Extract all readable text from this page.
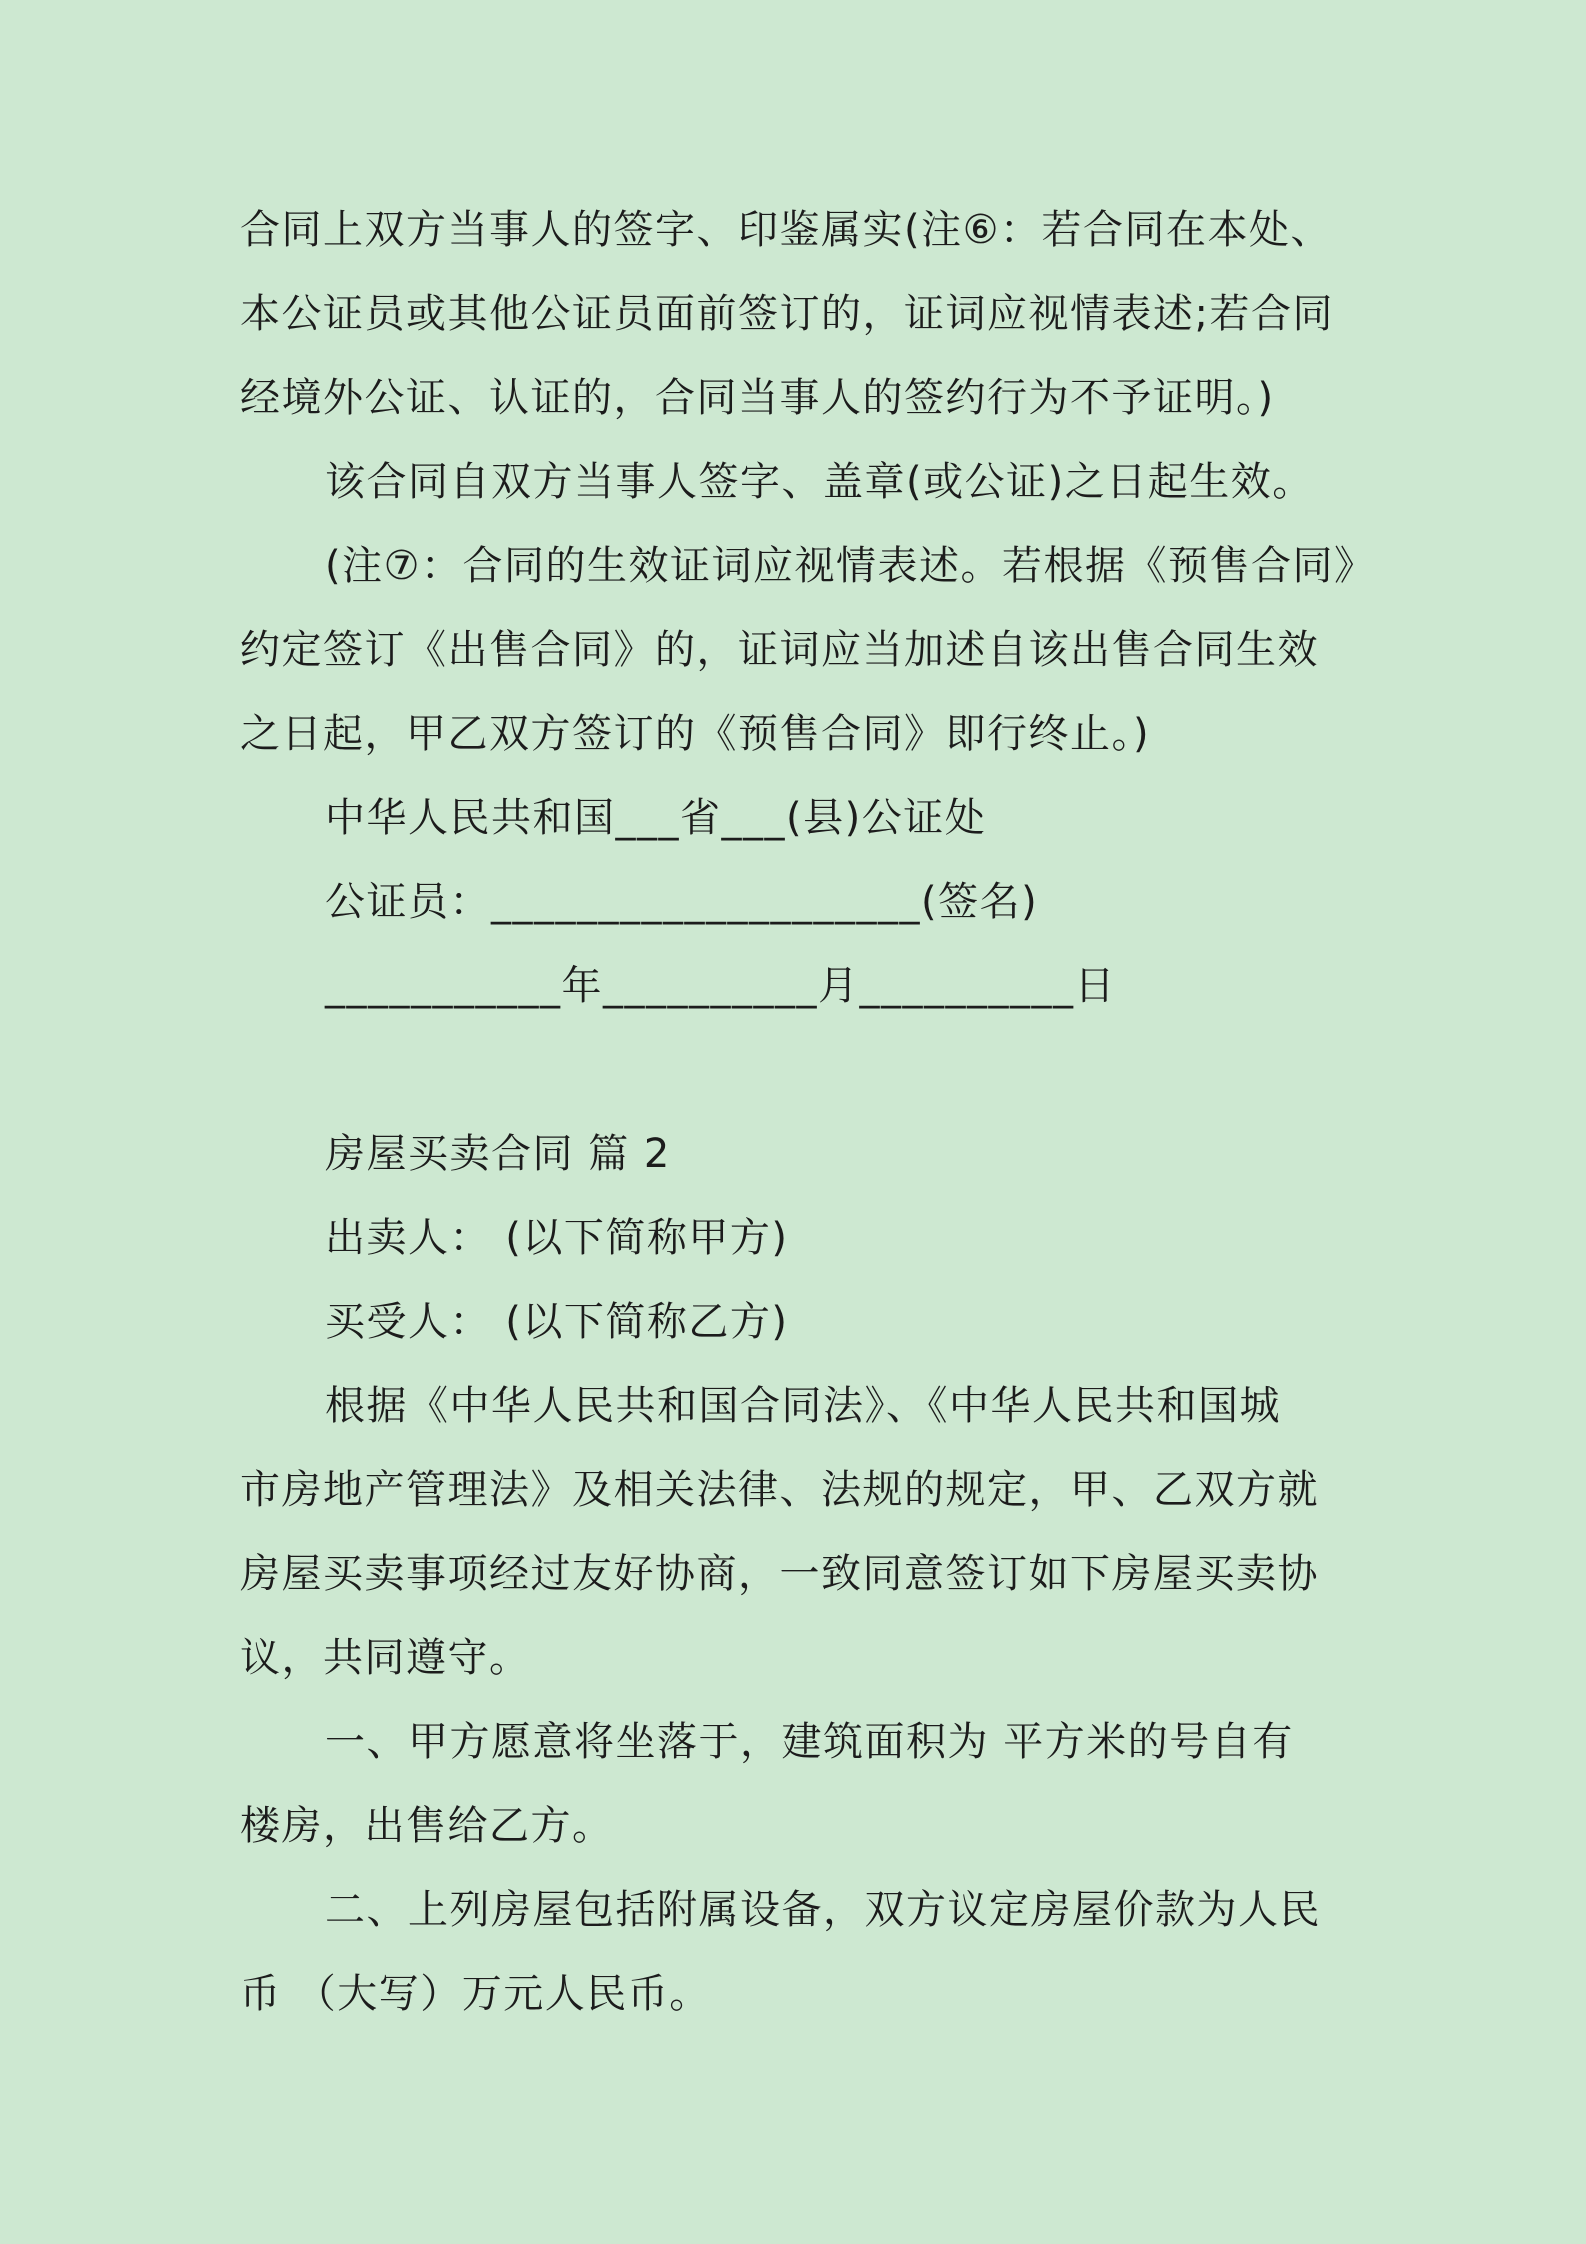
合同上双方当事人的签字、印鉴属实(注⑥：若合同在本处、
本公证员或其他公证员面前签订的，证词应视情表述;若合同
经境外公证、认证的，合同当事人的签约行为不予证明。)
该合同自双方当事人签字、盖章(或公证)之日起生效。
(注⑦：合同的生效证词应视情表述。若根据《预售合同》
约定签订《出售合同》的，证词应当加述自该出售合同生效
之日起，甲乙双方签订的《预售合同》即行终止。)
中华人民共和国___省___(县)公证处
公证员：____________________(签名)
___________年__________月__________日
房屋买卖合同 篇 2
出卖人： (以下简称甲方)
买受人： (以下简称乙方)
根据《中华人民共和国合同法》、《中华人民共和国城
市房地产管理法》及相关法律、法规的规定，甲、乙双方就
房屋买卖事项经过友好协商，一致同意签订如下房屋买卖协
议，共同遵守。
一、甲方愿意将坐落于，建筑面积为 平方米的号自有
楼房，出售给乙方。
二、上列房屋包括附属设备，双方议定房屋价款为人民
币 （大写）万元人民币。
